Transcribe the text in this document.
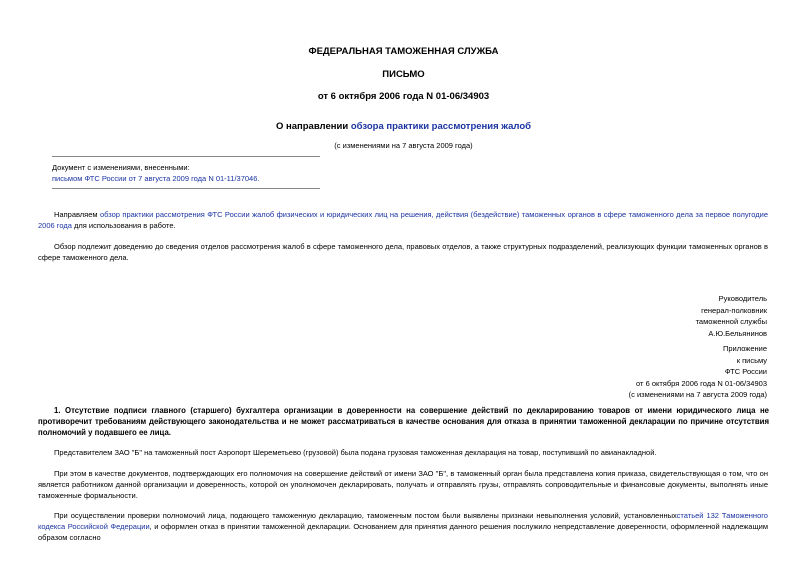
ФЕДЕРАЛЬНАЯ ТАМОЖЕННАЯ СЛУЖБА
ПИСЬМО
от 6 октября 2006 года N 01-06/34903
О направлении обзора практики рассмотрения жалоб
(с изменениями на 7 августа 2009 года)
Документ с изменениями, внесенными:
письмом ФТС России от 7 августа 2009 года N 01-11/37046.
Направляем обзор практики рассмотрения ФТС России жалоб физических и юридических лиц на решения, действия (бездействие) таможенных органов в сфере таможенного дела за первое полугодие 2006 года для использования в работе.
Обзор подлежит доведению до сведения отделов рассмотрения жалоб в сфере таможенного дела, правовых отделов, а также структурных подразделений, реализующих функции таможенных органов в сфере таможенного дела.
Руководитель
генерал-полковник
таможенной службы
А.Ю.Бельянинов
Приложение
к письму
ФТС России
от 6 октября 2006 года N 01-06/34903
(с изменениями на 7 августа 2009 года)
1. Отсутствие подписи главного (старшего) бухгалтера организации в доверенности на совершение действий по декларированию товаров от имени юридического лица не противоречит требованиям действующего законодательства и не может рассматриваться в качестве основания для отказа в принятии таможенной декларации по причине отсутствия полномочий у подавшего ее лица.
Представителем ЗАО "Б" на таможенный пост Аэропорт Шереметьево (грузовой) была подана грузовая таможенная декларация на товар, поступивший по авианакладной.
При этом в качестве документов, подтверждающих его полномочия на совершение действий от имени ЗАО "Б", в таможенный орган была представлена копия приказа, свидетельствующая о том, что он является работником данной организации и доверенность, которой он уполномочен декларировать, получать и отправлять грузы, отправлять сопроводительные и финансовые документы, выполнять иные таможенные формальности.
При осуществлении проверки полномочий лица, подающего таможенную декларацию, таможенным постом были выявлены признаки невыполнения условий, установленныхстатьей 132 Таможенного кодекса Российской Федерации, и оформлен отказ в принятии таможенной декларации. Основанием для принятия данного решения послужило непредставление доверенности, оформленной надлежащим образом согласно
